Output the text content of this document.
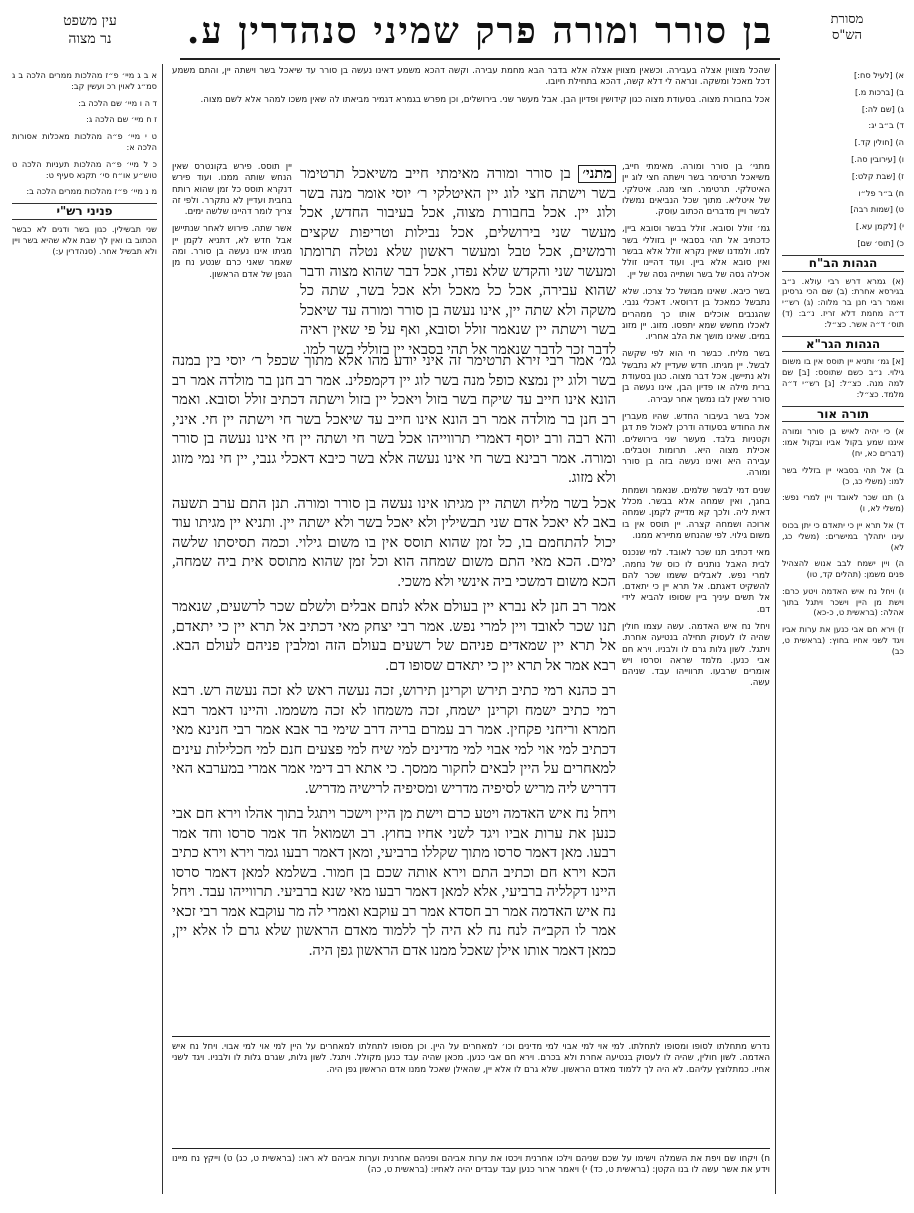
עין משפט
נר מצוה	בן סורר ומורה פרק שמיני סנהדרין ע.	מסורת
הש"ס

א ב ג מיי׳ פ״ז מהלכות ממרים הלכה ב ג סמ״ג לאוין רכ ועשין קב:

ד ה ו מיי׳ שם הלכה ב:

ז ח מיי׳ שם הלכה ג:

ט י מיי׳ פ״ה מהלכות מאכלות אסורות הלכה א:

כ ל מיי׳ פ״ה מהלכות תעניות הלכה ט טוש״ע או״ח סי׳ תקנא סעיף ט:

מ נ מיי׳ פ״ז מהלכות ממרים הלכה ב:

פניני רש"י

שני תבשילין. כגון בשר ודגים לא כבשר הכתוב בו ואין לך שבת אלא שהיא בשר ויין ולא תבשיל אחר. (סנהדרין ע:)

א) [לעיל סח:]

ב) [ברכות מ.]

ג) [שם לה:]

ד) ב״ב יג:

ה) [חולין קד.]

ו) [עירובין סה.]

ז) [שבת קלט:]

ח) ב״ר פל״ו

ט) [שמות רבה]

י) [לקמן עא.]

כ) [תוס׳ שם]

הגהות הב"ח

(א) גמרא דרש רבי עולא. נ״ב בגירסא אחרת: (ב) שם הכי גרסינן ואמר רבי חנן בר מלוה: (ג) רש״י ד״ה מחמת דלא זריז. נ״ב: (ד) תוס׳ ד״ה אשר. כצ״ל:

הגהות הגר"א

[א] גמ׳ ותניא יין תוסס אין בו משום גילוי. נ״ב כשם שתוסס: [ב] שם למה מנה. כצ״ל: [ג] רש״י ד״ה מלמד. כצ״ל:

תורה אור

א) כי יהיה לאיש בן סורר ומורה איננו שמע בקול אביו ובקול אמו: (דברים כא, יח)

ב) אל תהי בסבאי יין בזללי בשר למו: (משלי כג, כ)

ג) תנו שכר לאובד ויין למרי נפש: (משלי לא, ו)

ד) אל תרא יין כי יתאדם כי יתן בכוס עינו יתהלך במישרים: (משלי כג, לא)

ה) ויין ישמח לבב אנוש להצהיל פנים משמן: (תהלים קד, טו)

ו) ויחל נח איש האדמה ויטע כרם: וישת מן היין וישכר ויתגל בתוך אהלה: (בראשית ט, כ-כא)

ז) וירא חם אבי כנען את ערות אביו ויגד לשני אחיו בחוץ: (בראשית ט, כב)

שהכל מצווין אצלה בעבירה. וכשאין מצווין אצלה אלא בדבר הבא מחמת עבירה. וקשה דהכא משמע דאינו נעשה בן סורר עד שיאכל בשר וישתה יין, והתם משמע דכל מאכל ומשקה. ונראה לי דלא קשה, דהכא בתחילת חיובו.

אכל בחבורת מצוה. בסעודת מצוה כגון קידושין ופדיון הבן. אבל מעשר שני. בירושלים, וכן מפרש בגמרא דגמיר מביאתו לה שאין משכו למהר אלא לשם מצוה.

מתני׳ בן סורר ומורה. מאימתי חייב, משיאכל תרטימר בשר וישתה חצי לוג יין האיטלקי. תרטימר. חצי מנה. איטלקי. של איטליא. מתוך שכל הנביאים נמשלו לבשר ויין מדברים הכתוב עוסק.

גמ׳ זולל וסובא. זולל בבשר וסובא ביין, כדכתיב אל תהי בסבאי יין בזוללי בשר למו. ולמדנו שאין נקרא זולל אלא בבשר ואין סובא אלא ביין. ועוד דהיינו זולל אכילה גסה של בשר ושתייה גסה של יין.

בשר כיבא. שאינו מבושל כל צרכו. שלא נתבשל כמאכל בן דרוסאי. דאכלי גנבי. שהגנבים אוכלים אותו כך ממהרים לאכלו מחשש שמא יתפסו. מזוג. יין מזוג במים. שאינו מושך את הלב אחריו.

בשר מליח. כבשר חי הוא לפי שקשה לבשל. יין מגיתו. חדש שעדיין לא נתבשל ולא נתיישן. אכל דבר מצוה. כגון בסעודת ברית מילה או פדיון הבן, אינו נעשה בן סורר שאין לבו נמשך אחר עבירה.

אכל בשר בעיבור החדש. שהיו מעברין את החודש בסעודה ודרכן לאכול פת דגן וקטניות בלבד. מעשר שני בירושלים. אכילת מצוה היא. תרומות וטבלים. עבירה היא ואינו נעשה בזה בן סורר ומורה.

שנים דמי לבשר שלמים. שנאמר ושמחת בחגך, ואין שמחה אלא בבשר. מכלל דאית ליה. ולכך קא מדייק לקמן. שמחה ארוכה ושמחה קצרה. יין תוסס אין בו משום גילוי. לפי שהנחש מתיירא ממנו.

מאי דכתיב תנו שכר לאובד. למי שנכנס לבית האבל נותנים לו כוס של נחמה. למרי נפש. לאבלים ששמו שכר להם להשקיט דאגתם. אל תרא יין כי יתאדם. אל תשים עיניך ביין שסופו להביא לידי דם.

ויחל נח איש האדמה. עשה עצמו חולין שהיה לו לעסוק תחילה בנטיעה אחרת. ויתגל. לשון גלות גרם לו ולבניו. וירא חם אבי כנען. מלמד שראה וסרסו ויש אומרים שרבעו. תרווייהו עבד. שניהם עשה.

יין תוסס. פירש בקונטרס שאין הנחש שותה ממנו. ועוד פירש דנקרא תוסס כל זמן שהוא רותח בחבית ועדיין לא נתקרר. ולפי זה צריך לומר דהיינו שלשה ימים.

אשר שתה. פירוש לאחר שנתיישן אבל חדש לא, דתניא לקמן יין מגיתו אינו נעשה בן סורר. ומה שאמר שאני כרם שנטע נח מן הגפן של אדם הראשון.

מתני׳ בן סורר ומורה מאימתי חייב משיאכל תרטימר בשר וישתה חצי לוג יין האיטלקי ר׳ יוסי אומר מנה בשר ולוג יין. אכל בחבורת מצוה, אכל בעיבור החדש, אכל מעשר שני בירושלים, אכל נבילות וטריפות שקצים ורמשים, אכל טבל ומעשר ראשון שלא נטלה תרומתו ומעשר שני והקדש שלא נפדו, אכל דבר שהוא מצוה ודבר שהוא עבירה, אכל כל מאכל ולא אכל בשר, שתה כל משקה ולא שתה יין, אינו נעשה בן סורר ומורה עד שיאכל בשר וישתה יין שנאמר זולל וסובא, ואף על פי שאין ראיה לדבר זכר לדבר שנאמר אל תהי בסבאי יין בזוללי בשר למו.

גמ׳ אמר רבי זירא תרטימר זה איני יודע מהו אלא מתוך שכפל ר׳ יוסי בין במנה בשר ולוג יין נמצא כופל מנה בשר לוג יין דקמפלינ. אמר רב חנן בר מולדה אמר רב הונא אינו חייב עד שיקח בשר בזול ויאכל יין בזול וישתה דכתיב זולל וסובא. ואמר רב חנן בר מולדה אמר רב הונא אינו חייב עד שיאכל בשר חי וישתה יין חי. איני, והא רבה ורב יוסף דאמרי תרווייהו אכל בשר חי ושתה יין חי אינו נעשה בן סורר ומורה. אמר רבינא בשר חי אינו נעשה אלא בשר כיבא דאכלי גנבי, יין חי נמי מזוג ולא מזוג.

אכל בשר מליח ושתה יין מגיתו אינו נעשה בן סורר ומורה. תנן התם ערב תשעה באב לא יאכל אדם שני תבשילין ולא יאכל בשר ולא ישתה יין. ותניא יין מגיתו עוד יכול להתחמם בו, כל זמן שהוא תוסס אין בו משום גילוי. וכמה תסיסתו שלשה ימים. הכא מאי התם משום שמחה הוא וכל זמן שהוא מתוסס אית ביה שמחה, הכא משום דמשכי ביה אינשי ולא משכי.

אמר רב חנן לא נברא יין בעולם אלא לנחם אבלים ולשלם שכר לרשעים, שנאמר תנו שכר לאובד ויין למרי נפש. אמר רבי יצחק מאי דכתיב אל תרא יין כי יתאדם, אל תרא יין שמאדים פניהם של רשעים בעולם הזה ומלבין פניהם לעולם הבא. רבא אמר אל תרא יין כי יתאדם שסופו דם.

רב כהנא רמי כתיב תירש וקרינן תירוש, זכה נעשה ראש לא זכה נעשה רש. רבא רמי כתיב ישמח וקרינן ישמח, זכה משמחו לא זכה משממו. והיינו דאמר רבא חמרא וריחני פקחין. אמר רב עמרם בריה דרב שימי בר אבא אמר רבי חנינא מאי דכתיב למי אוי למי אבוי למי מדינים למי שיח למי פצעים חנם למי חכלילות עינים למאחרים על היין לבאים לחקור ממסך. כי אתא רב דימי אמר אמרי במערבא האי דדריש ליה מריש לסיפיה מדריש ומסיפיה לרישיה מדריש.

ויחל נח איש האדמה ויטע כרם וישת מן היין וישכר ויתגל בתוך אהלו וירא חם אבי כנען את ערות אביו ויגד לשני אחיו בחוץ. רב ושמואל חד אמר סרסו וחד אמר רבעו. מאן דאמר סרסו מתוך שקללו ברביעי, ומאן דאמר רבעו גמר וירא וירא כתיב הכא וירא חם וכתיב התם וירא אותה שכם בן חמור. בשלמא למאן דאמר סרסו היינו דקלליה ברביעי, אלא למאן דאמר רבעו מאי שנא ברביעי. תרווייהו עבד. ויחל נח איש האדמה אמר רב חסדא אמר רב עוקבא ואמרי לה מר עוקבא אמר רבי זכאי אמר לו הקב״ה לנח נח לא היה לך ללמוד מאדם הראשון שלא גרם לו אלא יין, כמאן דאמר אותו אילן שאכל ממנו אדם הראשון גפן היה.

נדרש מתחלתו לסופו ומסופו לתחלתו. למי אוי למי אבוי למי מדינים וכו׳ למאחרים על היין. וכן מסופו לתחלתו למאחרים על היין למי אוי למי אבוי. ויחל נח איש האדמה. לשון חולין, שהיה לו לעסוק בנטיעה אחרת ולא בכרם. וירא חם אבי כנען. מכאן שהיה עבד כנען מקולל. ויתגל. לשון גלות, שגרם גלות לו ולבניו. ויגד לשני אחיו. כמתלוצץ עליהם. לא היה לך ללמוד מאדם הראשון. שלא גרם לו אלא יין, שהאילן שאכל ממנו אדם הראשון גפן היה.

ח) ויקחו שם ויפת את השמלה וישימו על שכם שניהם וילכו אחרנית ויכסו את ערות אביהם ופניהם אחרנית וערות אביהם לא ראו: (בראשית ט, כג) ט) וייקץ נח מיינו וידע את אשר עשה לו בנו הקטן: (בראשית ט, כד) י) ויאמר ארור כנען עבד עבדים יהיה לאחיו: (בראשית ט, כה)
